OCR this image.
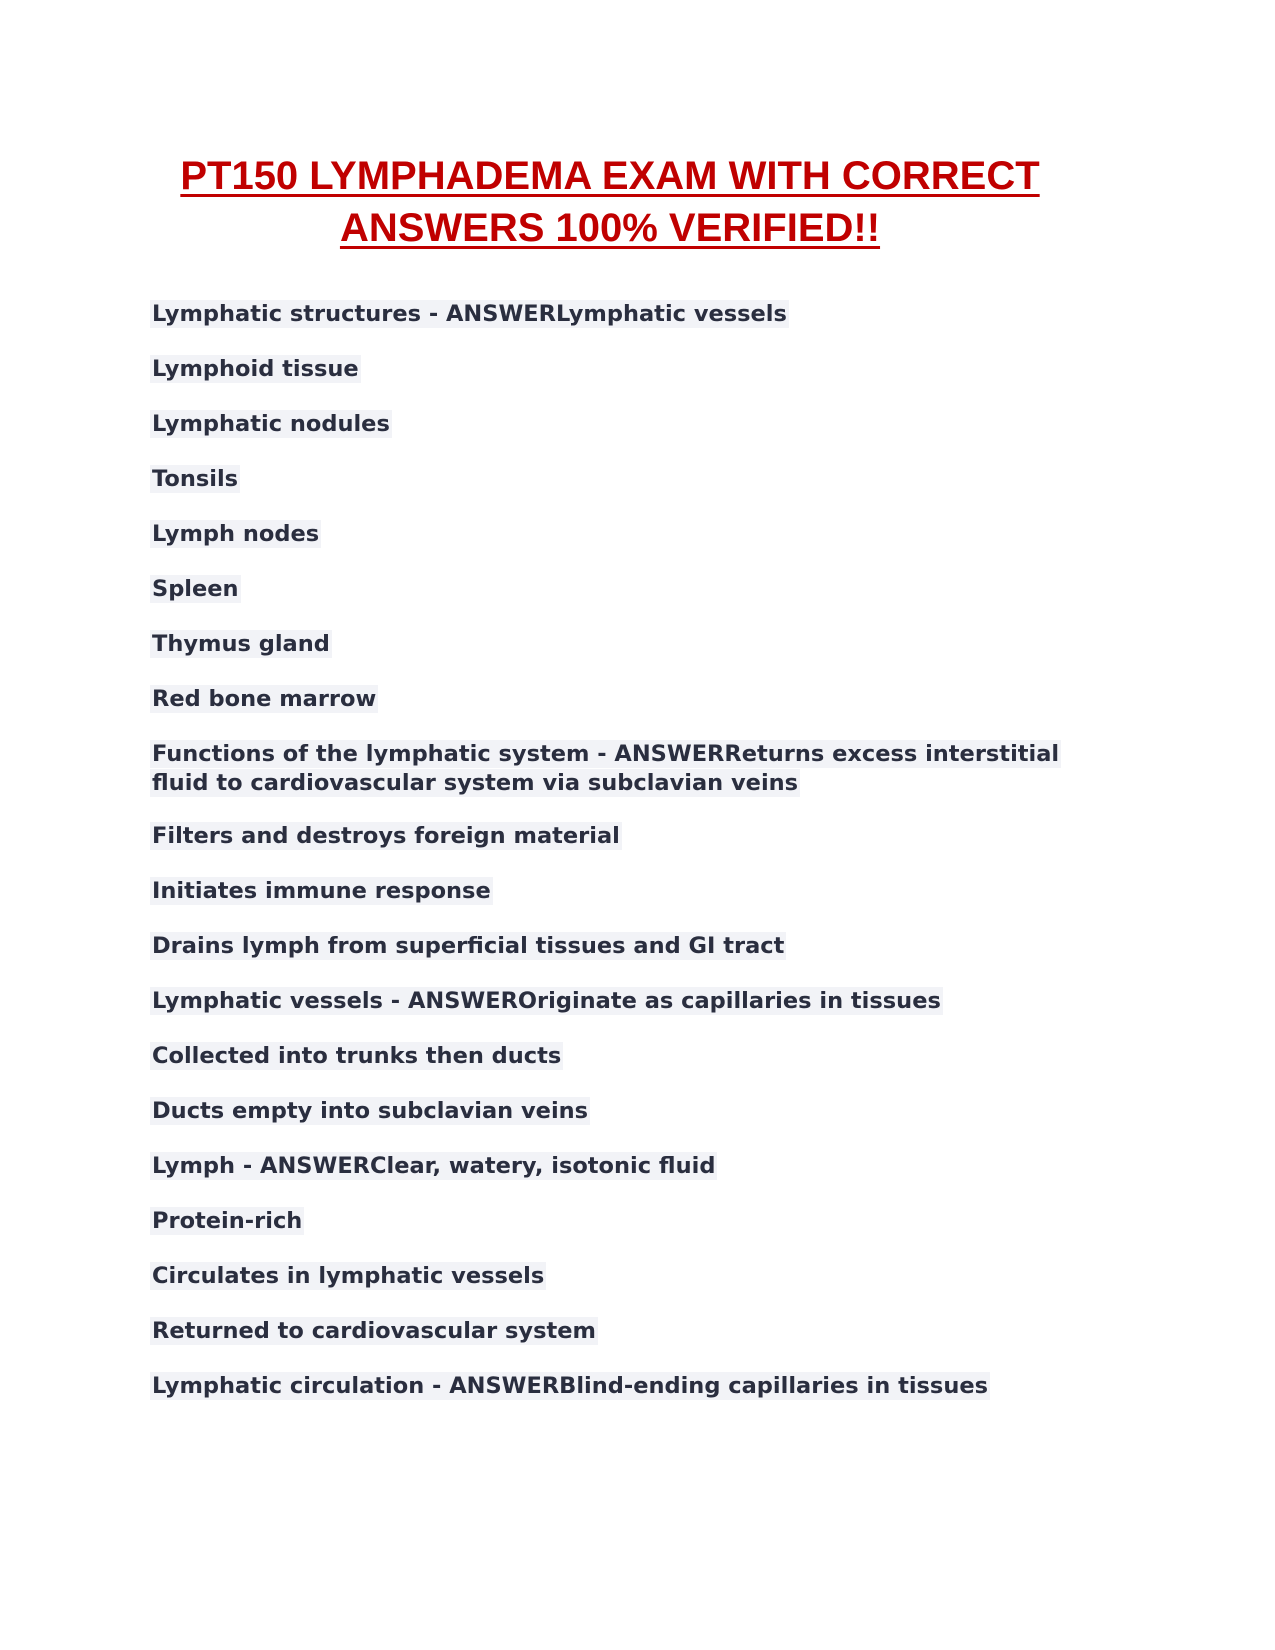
PT150 LYMPHADEMA EXAM WITH CORRECT
ANSWERS 100% VERIFIED!!
Lymphatic structures - ANSWERLymphatic vessels
Lymphoid tissue
Lymphatic nodules
Tonsils
Lymph nodes
Spleen
Thymus gland
Red bone marrow
Functions of the lymphatic system - ANSWERReturns excess interstitial fluid to cardiovascular system via subclavian veins
Filters and destroys foreign material
Initiates immune response
Drains lymph from superficial tissues and GI tract
Lymphatic vessels - ANSWEROriginate as capillaries in tissues
Collected into trunks then ducts
Ducts empty into subclavian veins
Lymph - ANSWERClear, watery, isotonic fluid
Protein-rich
Circulates in lymphatic vessels
Returned to cardiovascular system
Lymphatic circulation - ANSWERBlind-ending capillaries in tissues
